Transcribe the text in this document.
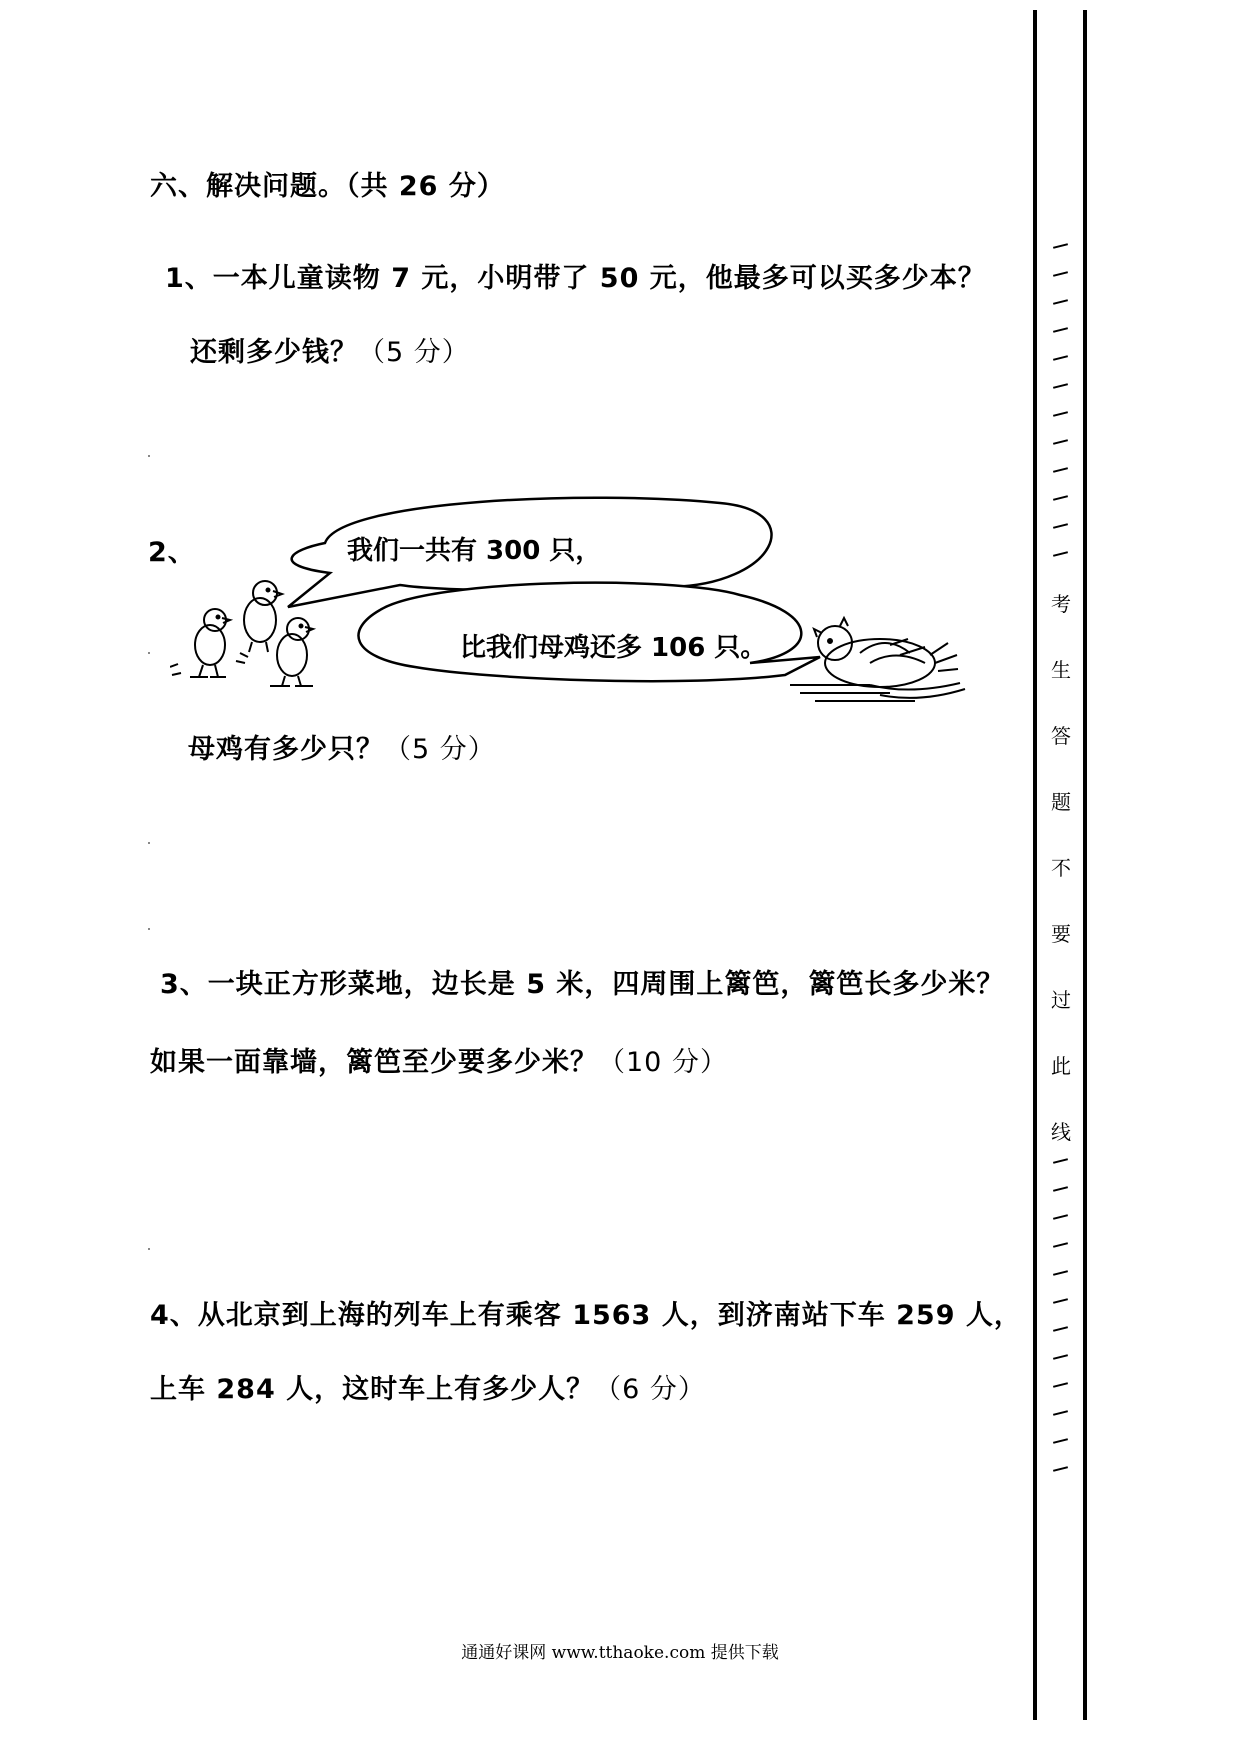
六、解决问题。（共 26 分）
1、一本儿童读物 7 元，小明带了 50 元，他最多可以买多少本？
还剩多少钱？（5 分）
2、	我们一共有 300 只，
比我们母鸡还多 106 只。
母鸡有多少只？（5 分）
3、一块正方形菜地，边长是 5 米，四周围上篱笆，篱笆长多少米？
如果一面靠墙，篱笆至少要多少米？（10 分）
4、从北京到上海的列车上有乘客 1563 人，到济南站下车 259 人，
上车 284 人，这时车上有多少人？（6 分）
考
生
答
题
不
要
过
此
线
通通好课网 www.tthaoke.com 提供下载
